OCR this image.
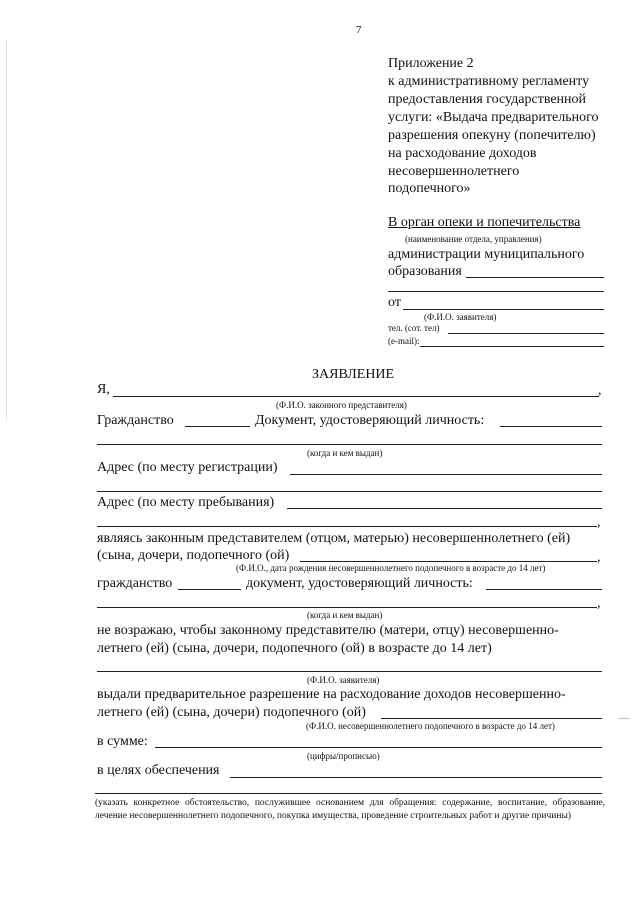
7
Приложение 2
к административному регламенту
предоставления государственной
услуги: «Выдача предварительного
разрешения опекуну (попечителю)
на расходование доходов
несовершеннолетнего
подопечного»
В орган опеки и попечительства
(наименование отдела, управления)
администрации муниципального
образования
от
(Ф.И.О. заявителя)
тел. (сот. тел)
(e-mail):
ЗАЯВЛЕНИЕ
Я,	,
(Ф.И.О. законного представителя)
Гражданство	Документ, удостоверяющий личность:
(когда и кем выдан)
Адрес (по месту регистрации)
Адрес (по месту пребывания)
,
являясь законным представителем (отцом, матерью) несовершеннолетнего (ей)
(сына, дочери, подопечного (ой)	,
(Ф.И.О., дата рождения несовершеннолетнего подопечного в возрасте до 14 лет)
гражданство	документ, удостоверяющий личность:
,
(когда и кем выдан)
не возражаю, чтобы законному представителю (матери, отцу) несовершенно-
летнего (ей) (сына, дочери, подопечного (ой) в возрасте до 14 лет)
(Ф.И.О. заявителя)
выдали предварительное разрешение на расходование доходов несовершенно-
летнего (ей) (сына, дочери) подопечного (ой)
(Ф.И.О. несовершеннолетнего подопечного в возрасте до 14 лет)
в сумме:
(цифры/прописью)
в целях обеспечения
(указать конкретное обстоятельство, послужившее основанием для обращения: содержание, воспитание, образование, лечение несовершеннолетнего подопечного, покупка имущества, проведение строительных работ и другие причины)
